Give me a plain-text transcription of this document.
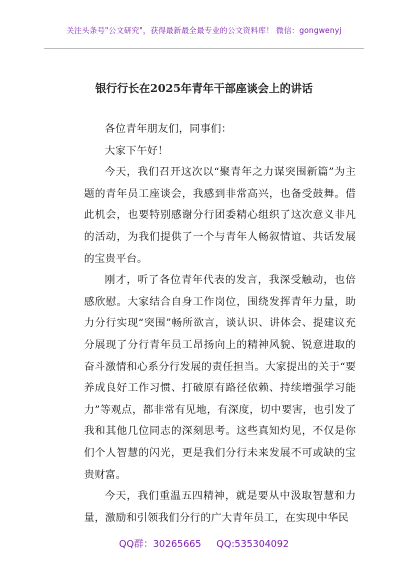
关注头条号"公文研究"，获得最新最全最专业的公文资料库！ 微信：gongwenyj
银行行长在2025年青年干部座谈会上的讲话

各位青年朋友们，同事们：

大家下午好！

今天，我们召开这次以“聚青年之力谋突围新篇”为主题的青年员工座谈会，我感到非常高兴，也备受鼓舞。借此机会，也要特别感谢分行团委精心组织了这次意义非凡的活动，为我们提供了一个与青年人畅叙情谊、共话发展的宝贵平台。

刚才，听了各位青年代表的发言，我深受触动，也倍感欣慰。大家结合自身工作岗位，围绕发挥青年力量，助力分行实现“突围”畅所欲言，谈认识、讲体会、提建议充分展现了分行青年员工昂扬向上的精神风貌、锐意进取的奋斗激情和心系分行发展的责任担当。大家提出的关于“要养成良好工作习惯、打破原有路径依赖、持续增强学习能力”等观点，都非常有见地，有深度，切中要害，也引发了我和其他几位同志的深刻思考。这些真知灼见，不仅是你们个人智慧的闪光，更是我们分行未来发展不可或缺的宝贵财富。

今天，我们重温五四精神，就是要从中汲取智慧和力量，激励和引领我们分行的广大青年员工，在实现中华民

QQ群：30265665 QQ:535304092
